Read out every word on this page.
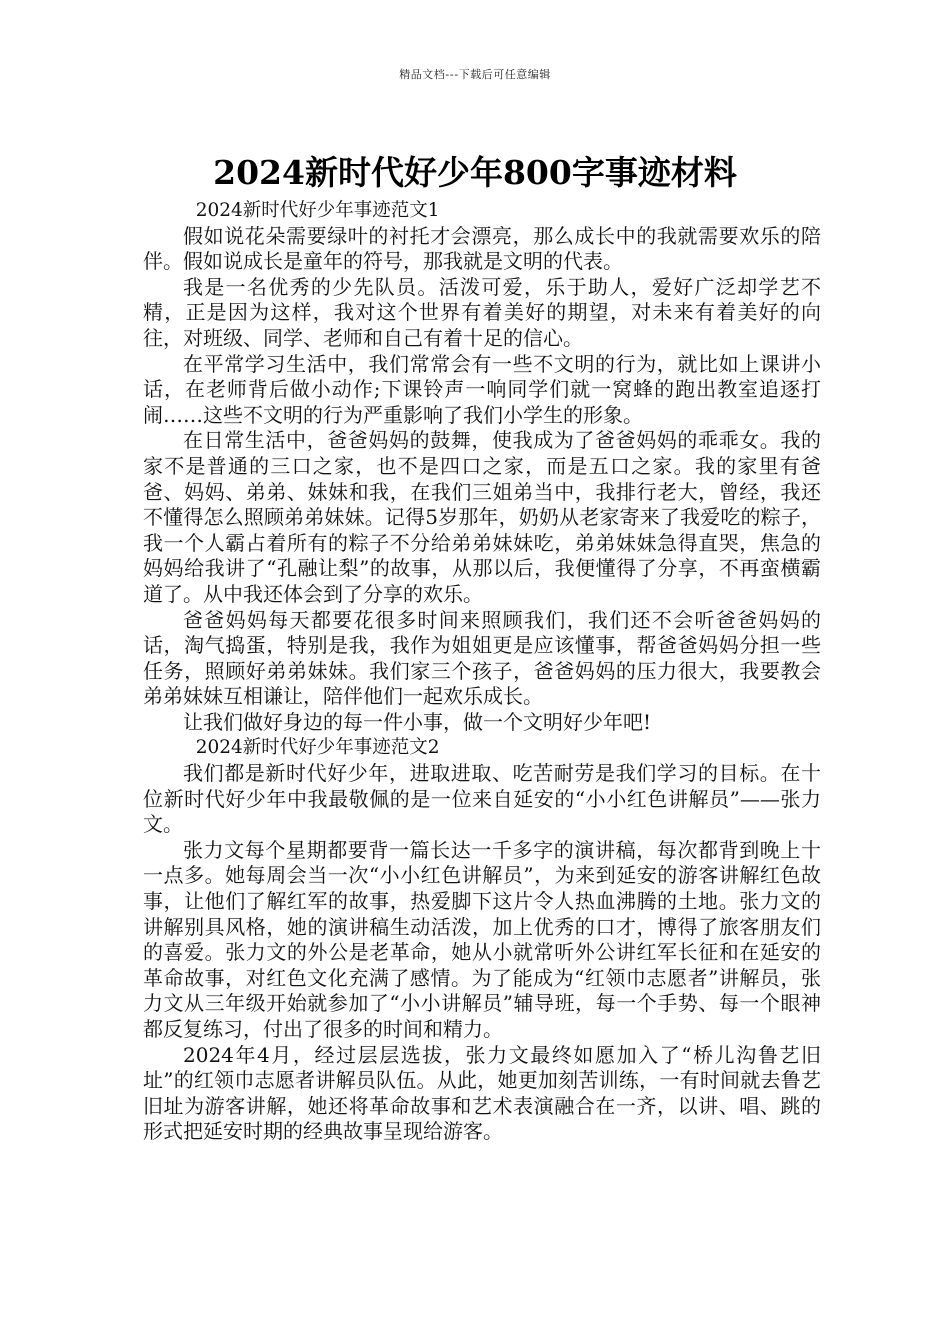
精品文档---下载后可任意编辑
2024新时代好少年800字事迹材料

2024新时代好少年事迹范文1

假如说花朵需要绿叶的衬托才会漂亮，那么成长中的我就需要欢乐的陪伴。假如说成长是童年的符号，那我就是文明的代表。

我是一名优秀的少先队员。活泼可爱，乐于助人，爱好广泛却学艺不精，正是因为这样，我对这个世界有着美好的期望，对未来有着美好的向往，对班级、同学、老师和自己有着十足的信心。

在平常学习生活中，我们常常会有一些不文明的行为，就比如上课讲小话，在老师背后做小动作;下课铃声一响同学们就一窝蜂的跑出教室追逐打闹……这些不文明的行为严重影响了我们小学生的形象。

在日常生活中，爸爸妈妈的鼓舞，使我成为了爸爸妈妈的乖乖女。我的家不是普通的三口之家，也不是四口之家，而是五口之家。我的家里有爸爸、妈妈、弟弟、妹妹和我，在我们三姐弟当中，我排行老大，曾经，我还不懂得怎么照顾弟弟妹妹。记得5岁那年，奶奶从老家寄来了我爱吃的粽子，我一个人霸占着所有的粽子不分给弟弟妹妹吃，弟弟妹妹急得直哭，焦急的妈妈给我讲了“孔融让梨”的故事，从那以后，我便懂得了分享，不再蛮横霸道了。从中我还体会到了分享的欢乐。

爸爸妈妈每天都要花很多时间来照顾我们，我们还不会听爸爸妈妈的话，淘气捣蛋，特别是我，我作为姐姐更是应该懂事，帮爸爸妈妈分担一些任务，照顾好弟弟妹妹。我们家三个孩子，爸爸妈妈的压力很大，我要教会弟弟妹妹互相谦让，陪伴他们一起欢乐成长。

让我们做好身边的每一件小事，做一个文明好少年吧!

2024新时代好少年事迹范文2

我们都是新时代好少年，进取进取、吃苦耐劳是我们学习的目标。在十位新时代好少年中我最敬佩的是一位来自延安的“小小红色讲解员”——张力文。

张力文每个星期都要背一篇长达一千多字的演讲稿，每次都背到晚上十一点多。她每周会当一次“小小红色讲解员”，为来到延安的游客讲解红色故事，让他们了解红军的故事，热爱脚下这片令人热血沸腾的土地。张力文的讲解别具风格，她的演讲稿生动活泼，加上优秀的口才，博得了旅客朋友们的喜爱。张力文的外公是老革命，她从小就常听外公讲红军长征和在延安的革命故事，对红色文化充满了感情。为了能成为“红领巾志愿者”讲解员，张力文从三年级开始就参加了“小小讲解员”辅导班，每一个手势、每一个眼神都反复练习，付出了很多的时间和精力。

2024年4月，经过层层选拔，张力文最终如愿加入了“桥儿沟鲁艺旧址”的红领巾志愿者讲解员队伍。从此，她更加刻苦训练，一有时间就去鲁艺旧址为游客讲解，她还将革命故事和艺术表演融合在一齐，以讲、唱、跳的形式把延安时期的经典故事呈现给游客。
